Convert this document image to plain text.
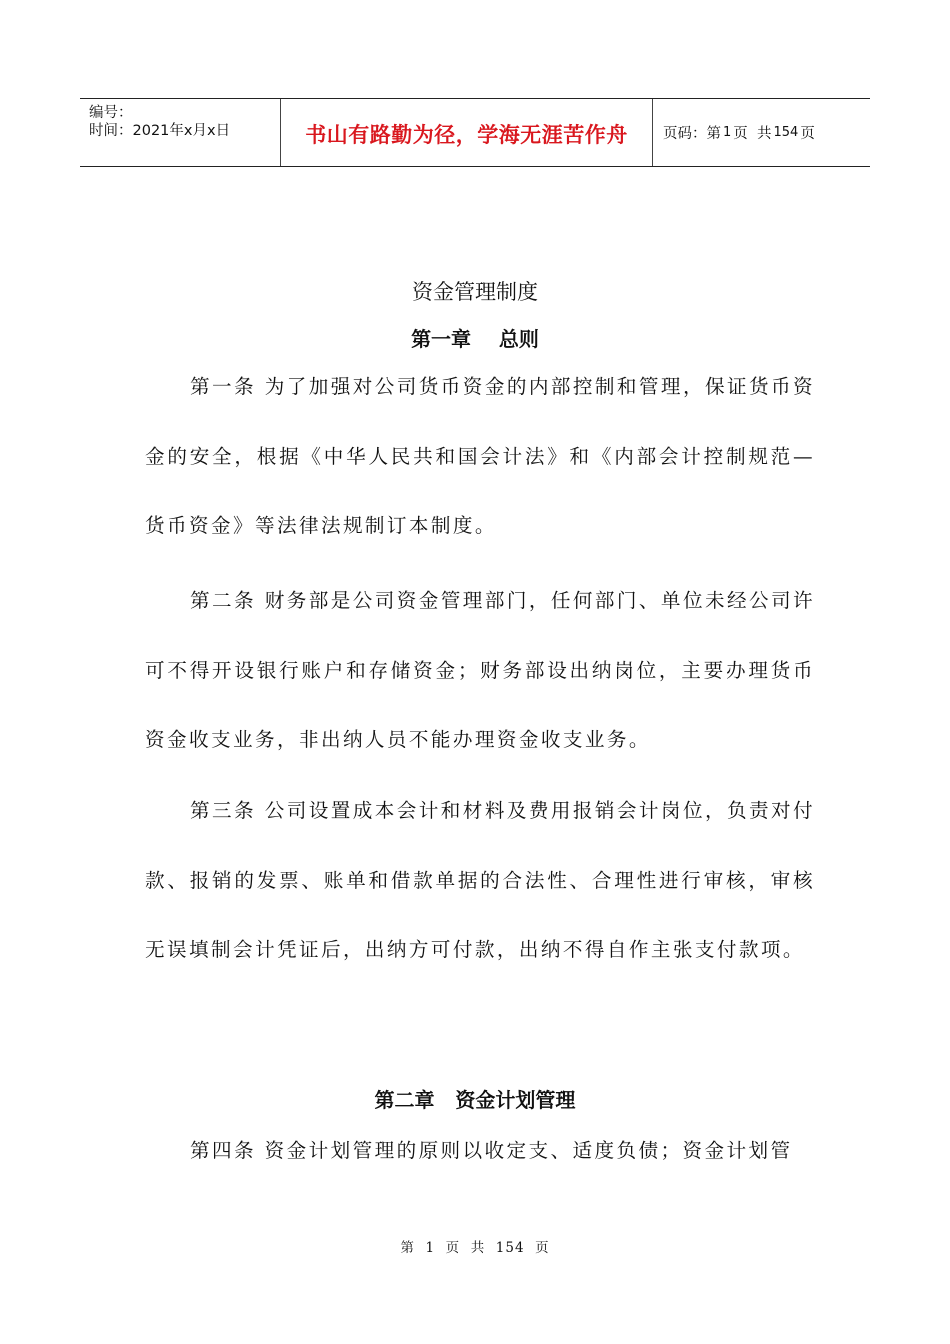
编号：
时间：2021年x月x日	书山有路勤为径，学海无涯苦作舟	页码：第 1 页  共 154 页
资金管理制度
第一章    总则

第一条 为了加强对公司货币资金的内部控制和管理，保证货币资金的安全，根据《中华人民共和国会计法》和《内部会计控制规范—货币资金》等法律法规制订本制度。

第二条 财务部是公司资金管理部门，任何部门、单位未经公司许可不得开设银行账户和存储资金；财务部设出纳岗位，主要办理货币资金收支业务，非出纳人员不能办理资金收支业务。

第三条 公司设置成本会计和材料及费用报销会计岗位，负责对付款、报销的发票、账单和借款单据的合法性、合理性进行审核，审核无误填制会计凭证后，出纳方可付款，出纳不得自作主张支付款项。

第二章   资金计划管理

第四条 资金计划管理的原则以收定支、适度负债；资金计划管

第  1  页  共  154  页
